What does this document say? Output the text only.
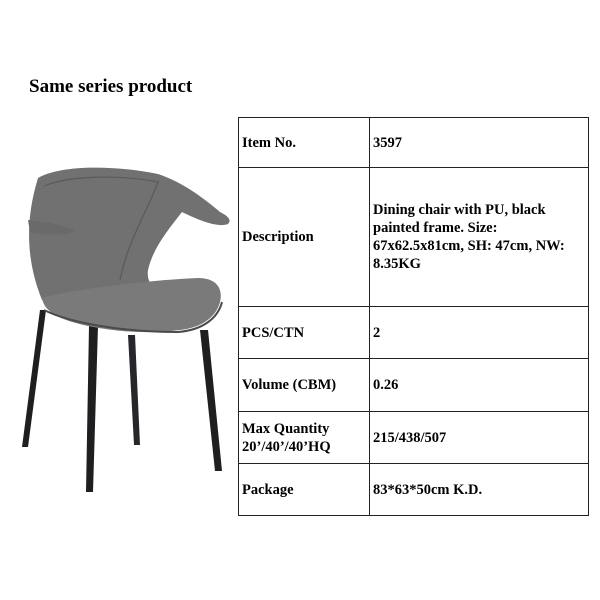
Same series product
Item No.	3597
Description	Dining chair with PU, black painted frame. Size: 67x62.5x81cm, SH: 47cm, NW: 8.35KG
PCS/CTN	2
Volume (CBM)	0.26
Max Quantity 20’/40’/40’HQ	215/438/507
Package	83*63*50cm K.D.
